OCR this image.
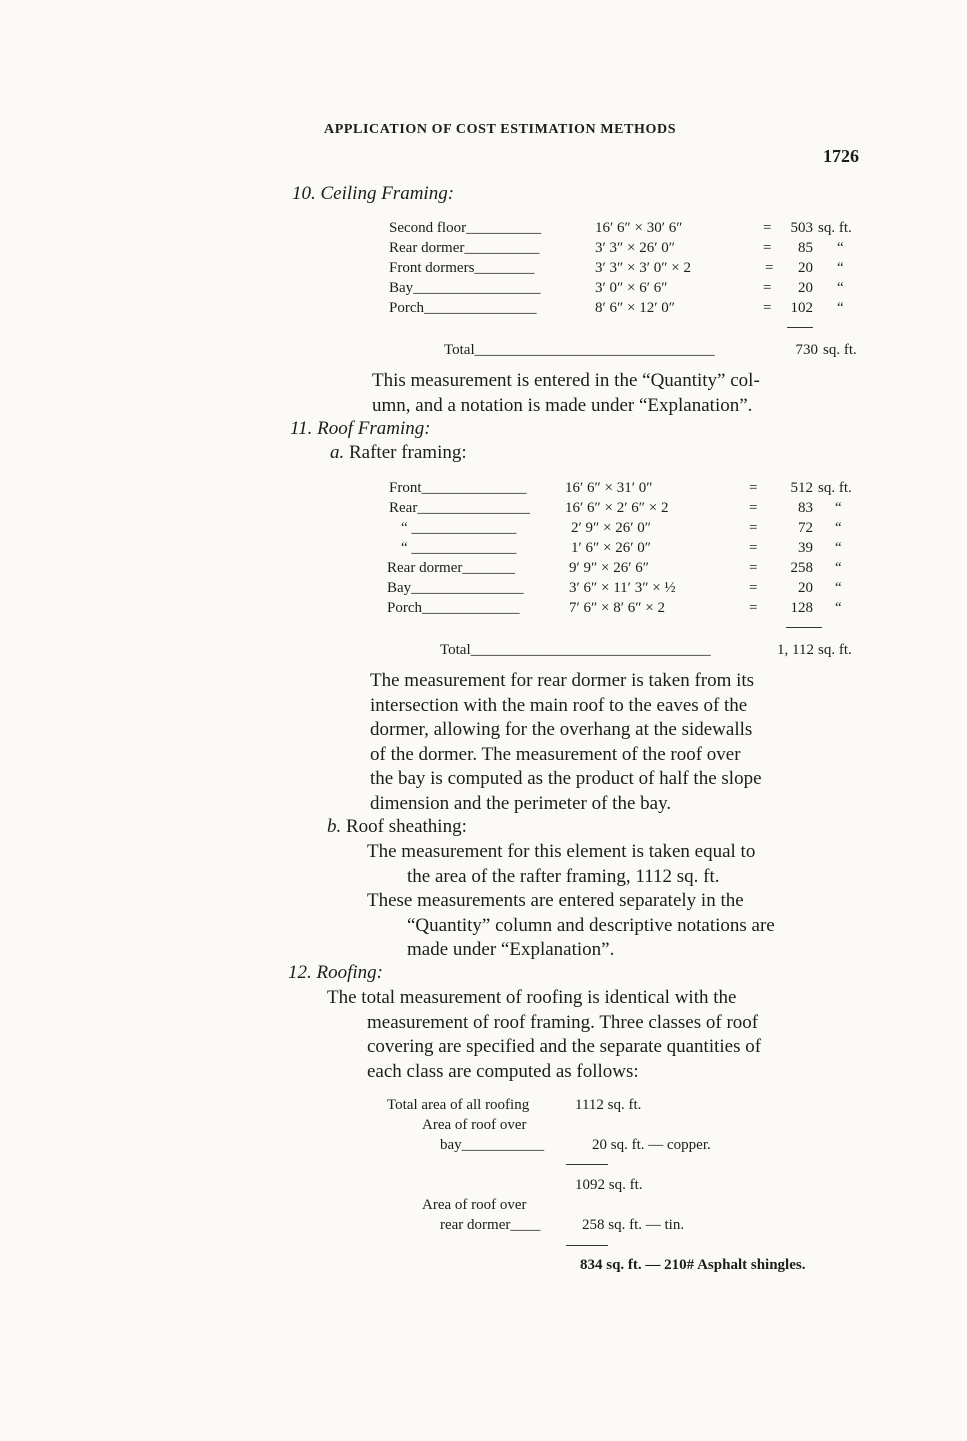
APPLICATION OF COST ESTIMATION METHODS
1726
10. Ceiling Framing:
Second floor__________	16′ 6″ × 30′ 6″	=	503 sq. ft.
Rear dormer__________	3′ 3″ × 26′ 0″	=	85 “
Front dormers________	3′ 3″ × 3′ 0″ × 2	=	20 “
Bay_________________	3′ 0″ × 6′ 6″	=	20 “
Porch_______________	8′ 6″ × 12′ 0″	=	102 “
Total________________________________	730 sq. ft.
This measurement is entered in the “Quantity” col-
umn, and a notation is made under “Explanation”.
11. Roof Framing:
a. Rafter framing:
Front______________	16′ 6″ × 31′ 0″	=	512 sq. ft.
Rear_______________ 16′ 6″ × 2′ 6″ × 2	=	83 “
“ ______________	2′ 9″ × 26′ 0″	=	72 “
“ ______________	1′ 6″ × 26′ 0″	=	39 “
Rear dormer_______	9′ 9″ × 26′ 6″	=	258 “
Bay_______________	3′ 6″ × 11′ 3″ × ½	=	20 “
Porch_____________	7′ 6″ × 8′ 6″ × 2	=	128 “
Total________________________________	1, 112 sq. ft.
The measurement for rear dormer is taken from its
intersection with the main roof to the eaves of the
dormer, allowing for the overhang at the sidewalls
of the dormer. The measurement of the roof over
the bay is computed as the product of half the slope
dimension and the perimeter of the bay.
b. Roof sheathing:
The measurement for this element is taken equal to
the area of the rafter framing, 1112 sq. ft.
These measurements are entered separately in the
“Quantity” column and descriptive notations are
made under “Explanation”.
12. Roofing:
The total measurement of roofing is identical with the
measurement of roof framing. Three classes of roof
covering are specified and the separate quantities of
each class are computed as follows:
Total area of all roofing	1112 sq. ft.
Area of roof over
bay___________	20 sq. ft. — copper.
1092 sq. ft.
Area of roof over
rear dormer____	258 sq. ft. — tin.
834 sq. ft. — 210# Asphalt shingles.
